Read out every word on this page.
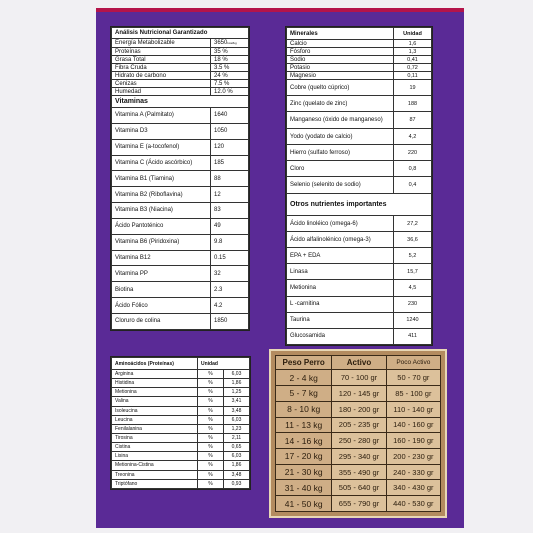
Análisis Nutricional Garantizado	
Energía Metabolizable	3650kcal/kg
Proteínas	35 %
Grasa Total	18 %
Fibra Cruda	3.5 %
Hidrato de carbono	24 %
Cenizas	7.5 %
Humedad	12.0 %
Vitaminas	
Vitamina A (Palmitato)	1640
Vitamina D3	1050
Vitamina E (a-tocofenol)	120
Vitamina C (Ácido ascórbico)	185
Vitamina B1 (Tiamina)	88
Vitamina B2 (Riboflavina)	12
Vitamina B3 (Niacina)	83
Ácido Pantoténico	49
Vitamina B6 (Piridoxina)	9.8
Vitamina B12	0.15
Vitamina PP	32
Biotina	2.3
Ácido Fólico	4.2
Cloruro de colina	1850
Minerales	Unidad
Calcio	1,6
Fósforo	1,3
Sodio	0,41
Potasio	0,72
Magnesio	0,11
Cobre (quelto cúprico)	19
Zinc (quelato de zinc)	188
Manganeso (óxido de manganeso)	87
Yodo (yodato de calcio)	4,2
Hierro (sulfato ferroso)	220
Cloro	0,8
Selenio (selenito de sodio)	0,4
Otros nutrientes importantes	
Ácido linoléico (omega-6)	27,2
Ácido alfalinolénico (omega-3)	36,6
EPA + EDA	5,2
Linasa	15,7
Metionina	4,5
L -carnitina	230
Taurina	1240
Glucosamida	411
Aminoácidos (Proteínas)	Unidad	
Arginina	%	6,03
Histidina	%	1,86
Metionina	%	1,25
Valina	%	3,41
Isoleucina	%	3,48
Leucina	%	6,03
Fenilalanina	%	1,23
Tirosina	%	2,11
Cistina	%	0,65
Lisina	%	6,03
Metionina-Cistina	%	1,86
Treonina	%	3,48
Triptófano	%	0,93
Peso Perro	Activo	Poco Activo
2 - 4 kg	70 - 100 gr	50 - 70 gr
5 - 7 kg	120 - 145 gr	85 - 100 gr
8 - 10 kg	180 - 200 gr	110 - 140 gr
11 - 13 kg	205 - 235 gr	140 - 160 gr
14 - 16 kg	250 - 280 gr	160 - 190 gr
17 - 20 kg	295 - 340 gr	200 - 230 gr
21 - 30 kg	355 - 490 gr	240 - 330 gr
31 - 40 kg	505 - 640 gr	340 - 430 gr
41 - 50 kg	655 - 790 gr	440 - 530 gr
